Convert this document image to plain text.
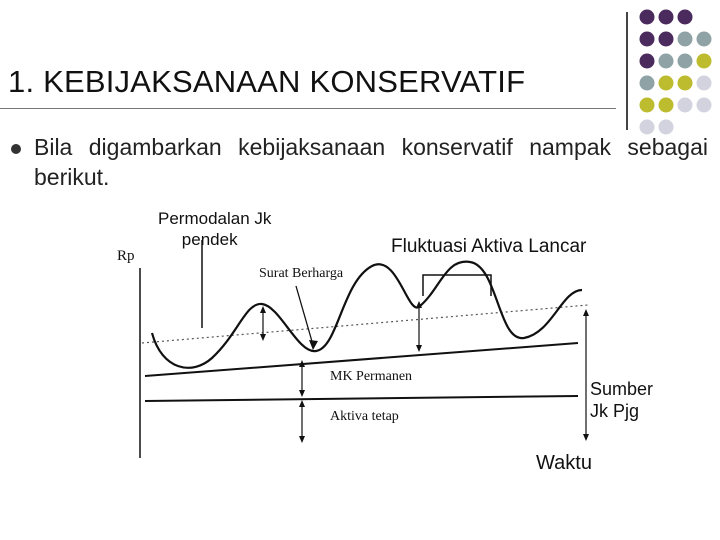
1. KEBIJAKSANAAN KONSERVATIF
Bila digambarkan kebijaksanaan konservatif nampak sebagai berikut.
Rp
Permodalan Jk
pendek
Surat Berharga
Fluktuasi Aktiva Lancar
MK Permanen
Aktiva tetap
Sumber
Jk Pjg
Waktu
